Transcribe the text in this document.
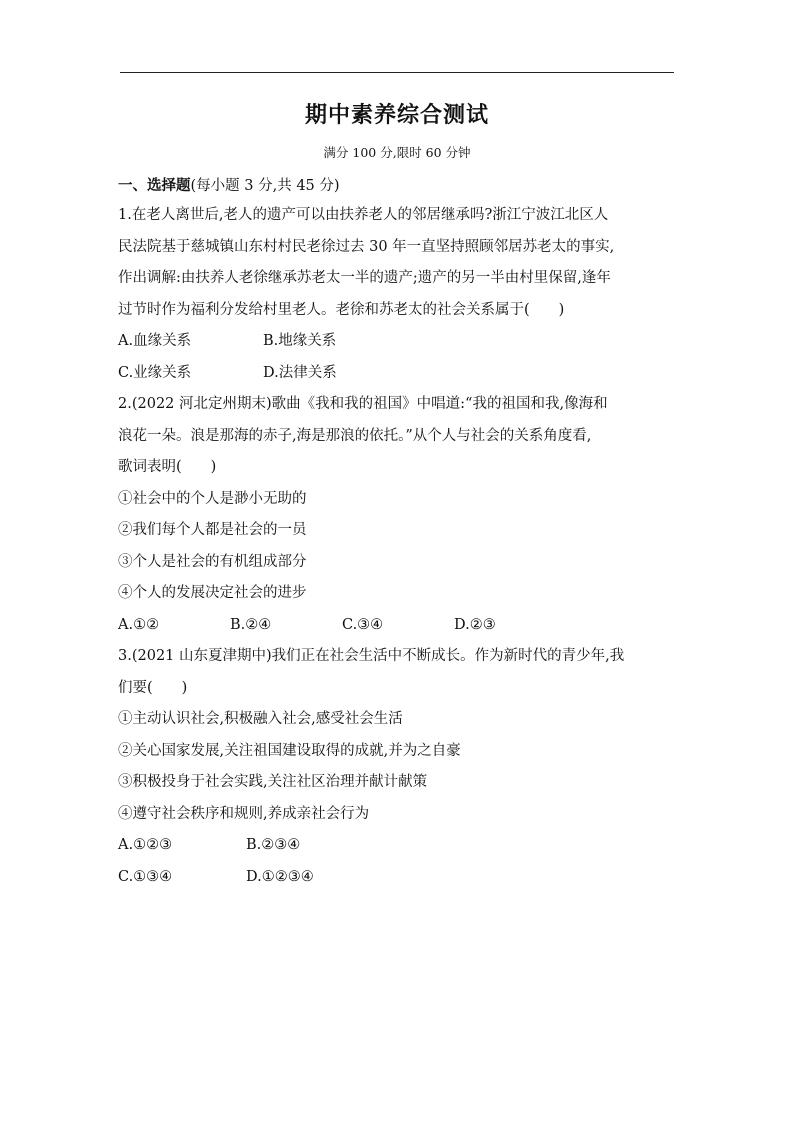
期中素养综合测试
满分 100 分,限时 60 分钟
一、选择题(每小题 3 分,共 45 分)
1.在老人离世后,老人的遗产可以由扶养老人的邻居继承吗?浙江宁波江北区人
民法院基于慈城镇山东村村民老徐过去 30 年一直坚持照顾邻居苏老太的事实,
作出调解:由扶养人老徐继承苏老太一半的遗产;遗产的另一半由村里保留,逢年
过节时作为福利分发给村里老人。老徐和苏老太的社会关系属于(　　)
A.血缘关系	B.地缘关系
C.业缘关系	D.法律关系
2.(2022 河北定州期末)歌曲《我和我的祖国》中唱道:“我的祖国和我,像海和
浪花一朵。浪是那海的赤子,海是那浪的依托。”从个人与社会的关系角度看,
歌词表明(　　)
①社会中的个人是渺小无助的
②我们每个人都是社会的一员
③个人是社会的有机组成部分
④个人的发展决定社会的进步
A.①②	B.②④	C.③④	D.②③
3.(2021 山东夏津期中)我们正在社会生活中不断成长。作为新时代的青少年,我
们要(　　)
①主动认识社会,积极融入社会,感受社会生活
②关心国家发展,关注祖国建设取得的成就,并为之自豪
③积极投身于社会实践,关注社区治理并献计献策
④遵守社会秩序和规则,养成亲社会行为
A.①②③	B.②③④
C.①③④	D.①②③④
